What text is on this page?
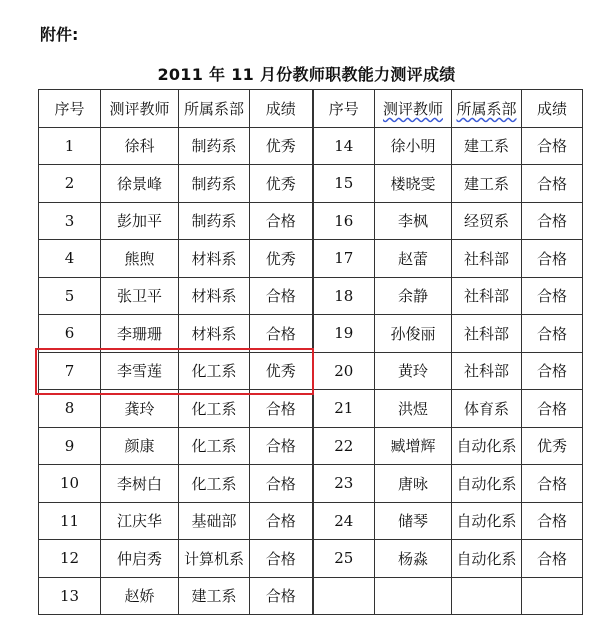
附件:
2011 年 11 月份教师职教能力测评成绩
序号	测评教师	所属系部	成绩	序号	测评教师	所属系部	成绩
1	徐科	制药系	优秀	14	徐小明	建工系	合格
2	徐景峰	制药系	优秀	15	楼晓雯	建工系	合格
3	彭加平	制药系	合格	16	李枫	经贸系	合格
4	熊煦	材料系	优秀	17	赵蕾	社科部	合格
5	张卫平	材料系	合格	18	余静	社科部	合格
6	李珊珊	材料系	合格	19	孙俊丽	社科部	合格
7	李雪莲	化工系	优秀	20	黄玲	社科部	合格
8	龚玲	化工系	合格	21	洪煜	体育系	合格
9	颜康	化工系	合格	22	臧增辉	自动化系	优秀
10	李树白	化工系	合格	23	唐咏	自动化系	合格
11	江庆华	基础部	合格	24	储琴	自动化系	合格
12	仲启秀	计算机系	合格	25	杨淼	自动化系	合格
13	赵娇	建工系	合格				
